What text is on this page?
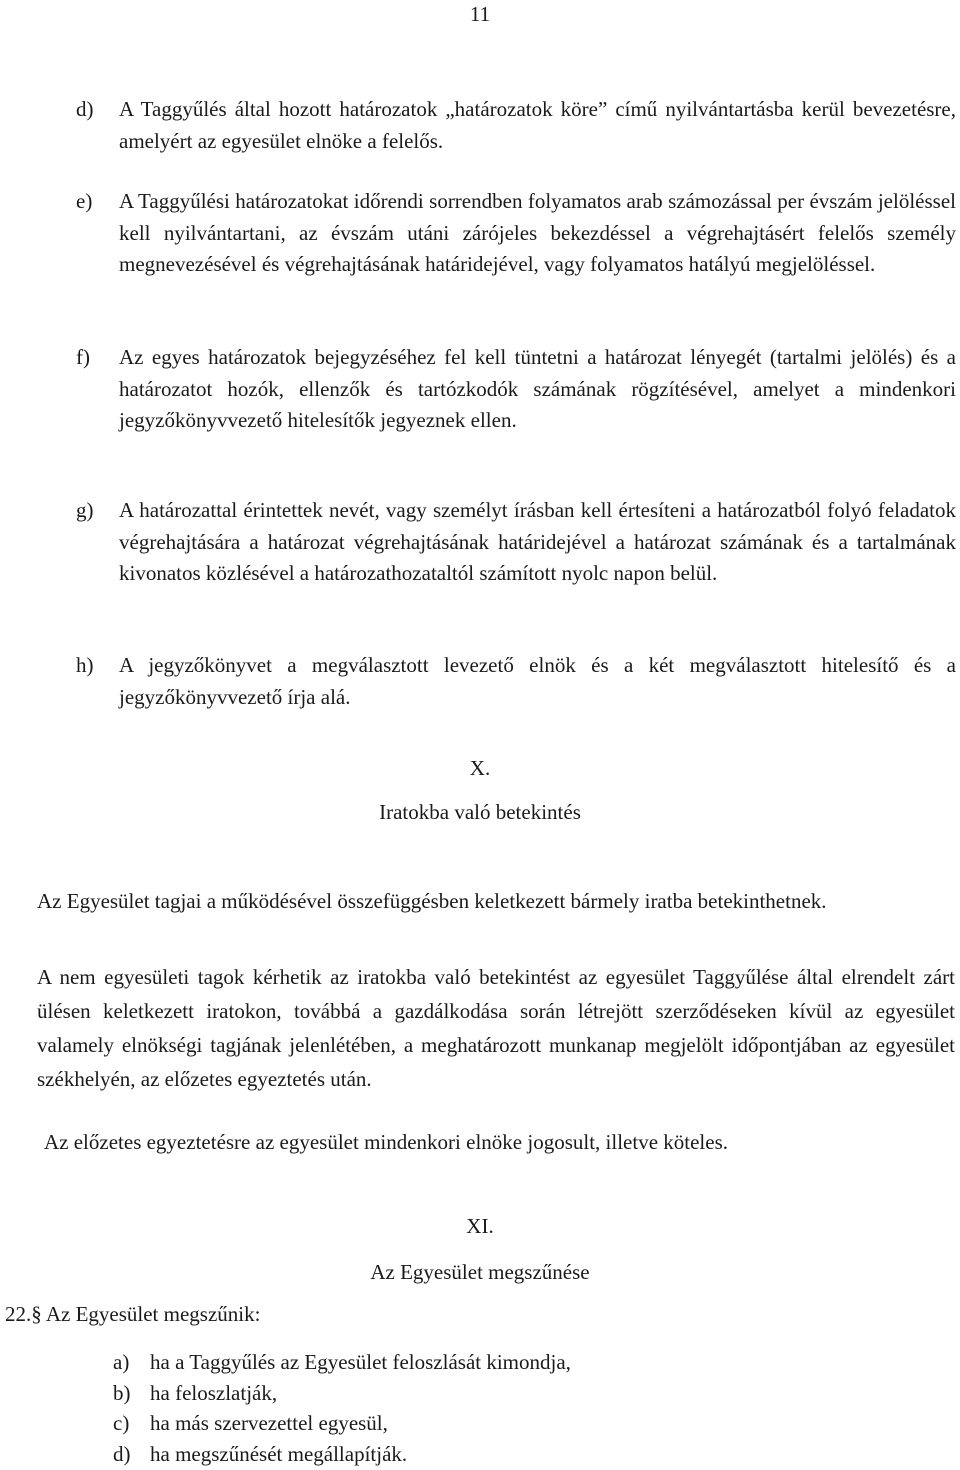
11
d) A Taggyűlés által hozott határozatok „határozatok köre” című nyilvántartásba kerül bevezetésre, amelyért az egyesület elnöke a felelős.
e) A Taggyűlési határozatokat időrendi sorrendben folyamatos arab számozással per évszám jelöléssel kell nyilvántartani, az évszám utáni zárójeles bekezdéssel a végrehajtásért felelős személy megnevezésével és végrehajtásának határidejével, vagy folyamatos hatályú megjelöléssel.
f) Az egyes határozatok bejegyzéséhez fel kell tüntetni a határozat lényegét (tartalmi jelölés) és a határozatot hozók, ellenzők és tartózkodók számának rögzítésével, amelyet a mindenkori jegyzőkönyvvezető hitelesítők jegyeznek ellen.
g) A határozattal érintettek nevét, vagy személyt írásban kell értesíteni a határozatból folyó feladatok végrehajtására a határozat végrehajtásának határidejével a határozat számának és a tartalmának kivonatos közlésével a határozathozataltól számított nyolc napon belül.
h) A jegyzőkönyvet a megválasztott levezető elnök és a két megválasztott hitelesítő és a jegyzőkönyvvezető írja alá.
X.
Iratokba való betekintés
Az Egyesület tagjai a működésével összefüggésben keletkezett bármely iratba betekinthetnek.
A nem egyesületi tagok kérhetik az iratokba való betekintést az egyesület Taggyűlése által elrendelt zárt ülésen keletkezett iratokon, továbbá a gazdálkodása során létrejött szerződéseken kívül az egyesület valamely elnökségi tagjának jelenlétében, a meghatározott munkanap megjelölt időpontjában az egyesület székhelyén, az előzetes egyeztetés után.
Az előzetes egyeztetésre az egyesület mindenkori elnöke jogosult, illetve köteles.
XI.
Az Egyesület megszűnése
22.§ Az Egyesület megszűnik:
a) ha a Taggyűlés az Egyesület feloszlását kimondja,
b) ha feloszlatják,
c) ha más szervezettel egyesül,
d) ha megszűnését megállapítják.
